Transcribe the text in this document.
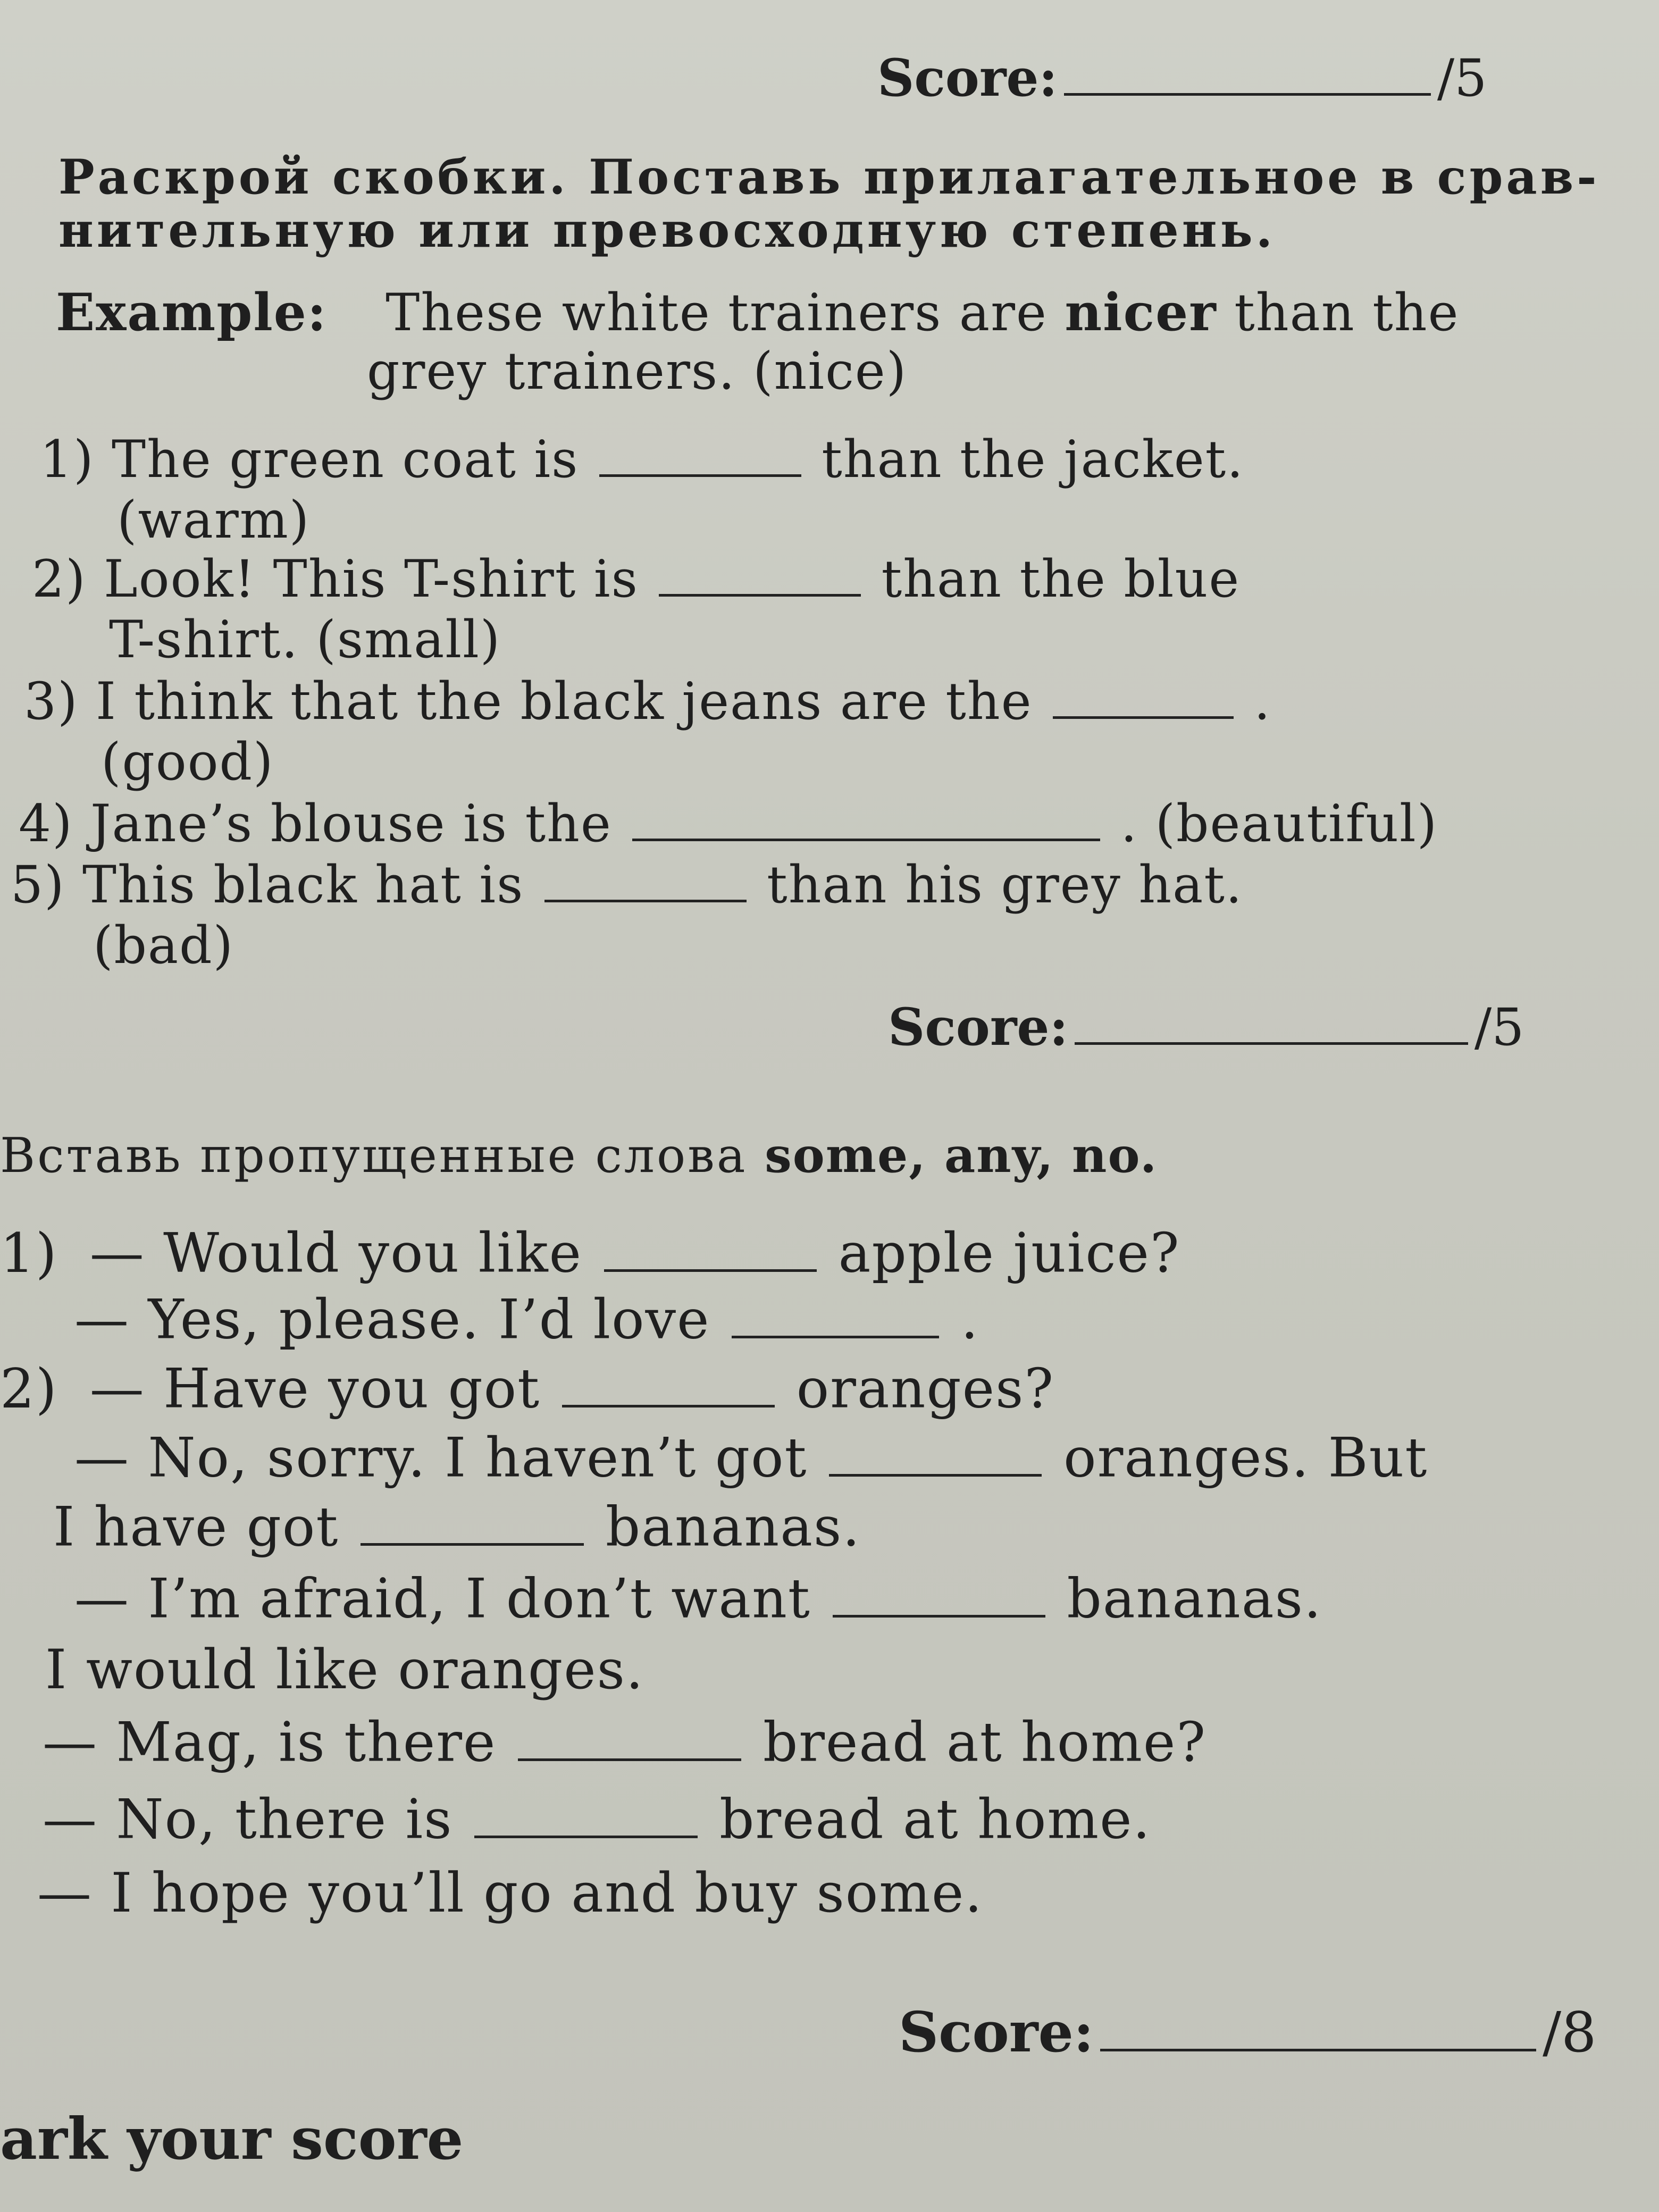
Score:	/5
Раскрой скобки. Поставь прилагательное в срав-
нительную или превосходную степень.
Example: These white trainers are nicer than the
grey trainers. (nice)
1) The green coat is	than the jacket.
(warm)
2) Look! This T-shirt is	than the blue
T-shirt. (small)
3) I think that the black jeans are the	.
(good)
4) Jane’s blouse is the	. (beautiful)
5) This black hat is	than his grey hat.
(bad)
Score:	/5
Вставь пропущенные слова some, any, no.
1) — Would you like	apple juice?
— Yes, please. I’d love	.
2) — Have you got	oranges?
— No, sorry. I haven’t got	oranges. But
I have got	bananas.
— I’m afraid, I don’t want	bananas.
I would like oranges.
— Mag, is there	bread at home?
— No, there is	bread at home.
— I hope you’ll go and buy some.
Score:	/8
ark your score
